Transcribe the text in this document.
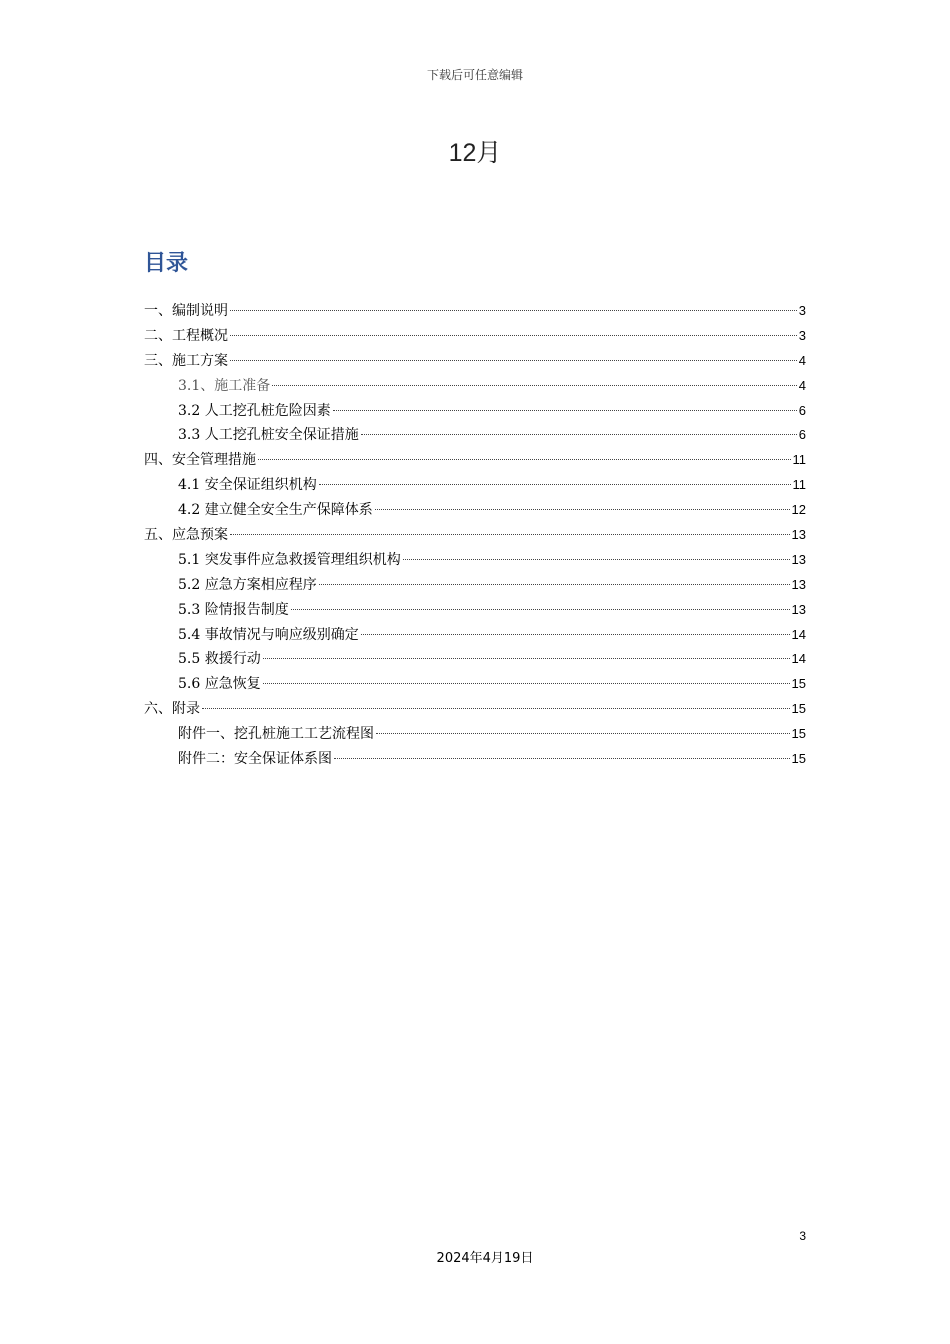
下载后可任意编辑
12月
目录
一、编制说明	3
二、工程概况	3
三、施工方案	4
3.1、施工准备	4
3.2 人工挖孔桩危险因素	6
3.3 人工挖孔桩安全保证措施	6
四、安全管理措施	11
4.1 安全保证组织机构	11
4.2 建立健全安全生产保障体系	12
五、应急预案	13
5.1 突发事件应急救援管理组织机构	13
5.2 应急方案相应程序	13
5.3 险情报告制度	13
5.4 事故情况与响应级别确定	14
5.5 救援行动	14
5.6 应急恢复	15
六、附录	15
附件一、挖孔桩施工工艺流程图	15
附件二：安全保证体系图	15
3
2024年4月19日
